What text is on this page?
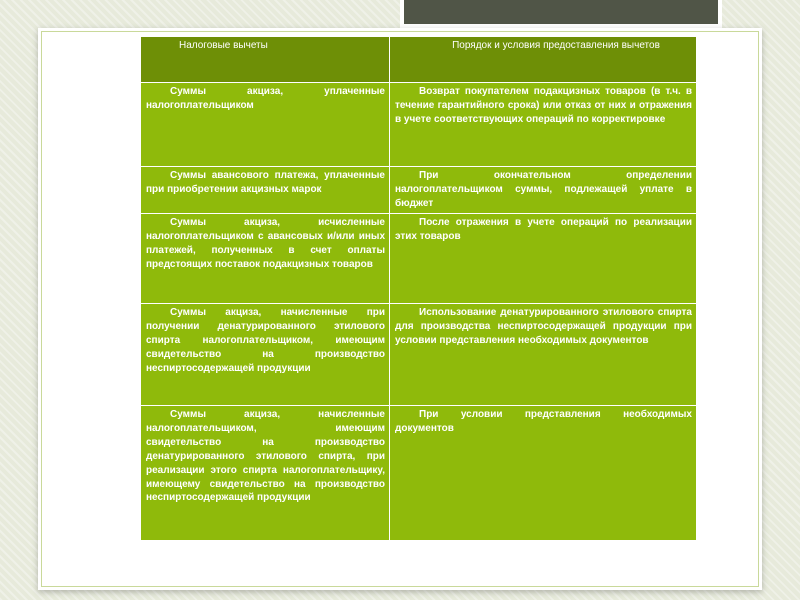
Налоговые вычеты	Порядок и условия предоставления вычетов

Суммы акциза, уплаченные налогоплательщиком	Возврат покупателем подакцизных товаров (в т.ч. в течение гарантийного срока) или отказ от них и отражения в учете соответствующих операций по корректировке

Суммы авансового платежа, уплаченные при приобретении акцизных марок	При окончательном определении налогоплательщиком суммы, подлежащей уплате в бюджет

Суммы акциза, исчисленные налогоплательщиком с авансовых и/или иных платежей, полученных в счет оплаты предстоящих поставок подакцизных товаров	После отражения в учете операций по реализации этих товаров

Суммы акциза, начисленные при получении денатурированного этилового спирта налогоплательщиком, имеющим свидетельство на производство неспиртосодержащей продукции	Использование денатурированного этилового спирта для производства неспиртосодержащей продукции при условии представления необходимых документов

Суммы акциза, начисленные налогоплательщиком, имеющим свидетельство на производство денатурированного этилового спирта, при реализации этого спирта налогоплательщику, имеющему свидетельство на производство неспиртосодержащей продукции	При условии представления необходимых документов
